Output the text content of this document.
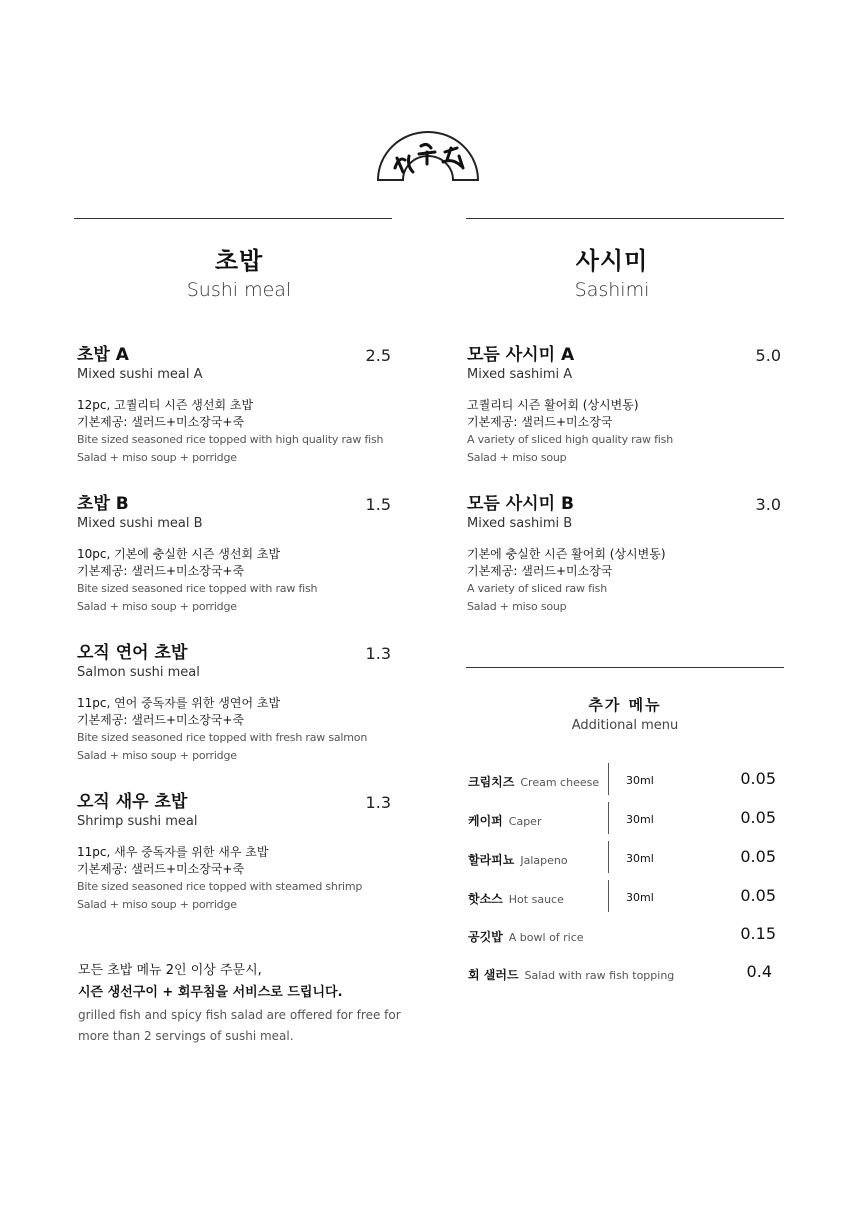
초밥
Sushi meal
사시미
Sashimi
초밥 A	2.5
Mixed sushi meal A
12pc, 고퀄리티 시즌 생선회 초밥
기본제공: 샐러드+미소장국+죽
Bite sized seasoned rice topped with high quality raw fish
Salad + miso soup + porridge
초밥 B	1.5
Mixed sushi meal B
10pc, 기본에 충실한 시즌 생선회 초밥
기본제공: 샐러드+미소장국+죽
Bite sized seasoned rice topped with raw fish
Salad + miso soup + porridge
오직 연어 초밥	1.3
Salmon sushi meal
11pc, 연어 중독자를 위한 생연어 초밥
기본제공: 샐러드+미소장국+죽
Bite sized seasoned rice topped with fresh raw salmon
Salad + miso soup + porridge
오직 새우 초밥	1.3
Shrimp sushi meal
11pc, 새우 중독자를 위한 새우 초밥
기본제공: 샐러드+미소장국+죽
Bite sized seasoned rice topped with steamed shrimp
Salad + miso soup + porridge
모듬 사시미 A	5.0
Mixed sashimi A
고퀄리티 시즌 활어회 (상시변동)
기본제공: 샐러드+미소장국
A variety of sliced high quality raw fish
Salad + miso soup
모듬 사시미 B	3.0
Mixed sashimi B
기본에 충실한 시즌 활어회 (상시변동)
기본제공: 샐러드+미소장국
A variety of sliced raw fish
Salad + miso soup
추가 메뉴
Additional menu
크림치즈 Cream cheese 30ml	0.05
케이퍼 Caper	30ml	0.05
할라피뇨 Jalapeno	30ml	0.05
핫소스 Hot sauce	30ml	0.05
공깃밥 A bowl of rice	0.15
회 샐러드 Salad with raw fish topping	0.4
모든 초밥 메뉴 2인 이상 주문시,
시즌 생선구이 + 회무침을 서비스로 드립니다.
grilled fish and spicy fish salad are offered for free for
more than 2 servings of sushi meal.
